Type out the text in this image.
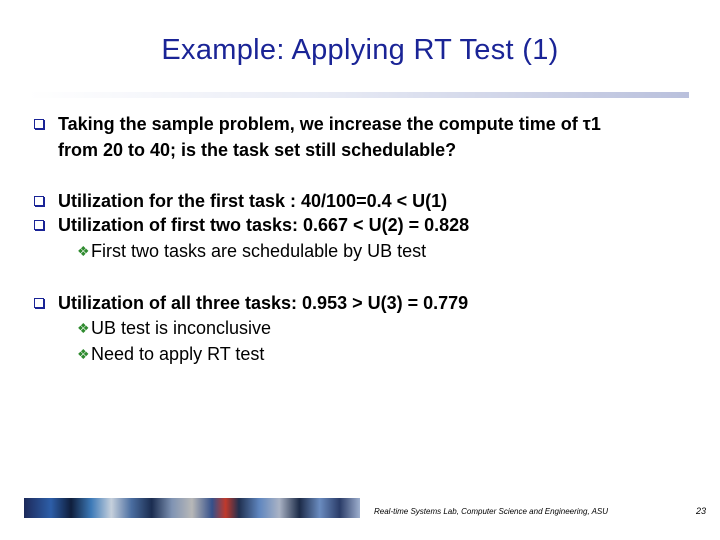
Example: Applying RT Test (1)
Taking the sample problem, we increase the compute time of τ1
from 20 to 40; is the task set still schedulable?
Utilization for the first task : 40/100=0.4 < U(1)
Utilization of first two tasks: 0.667 < U(2) = 0.828
❖ First two tasks are schedulable by UB test
Utilization of all three tasks: 0.953 > U(3) = 0.779
❖ UB test is inconclusive
❖ Need to apply RT test
Real-time Systems Lab, Computer Science and Engineering, ASU	23
